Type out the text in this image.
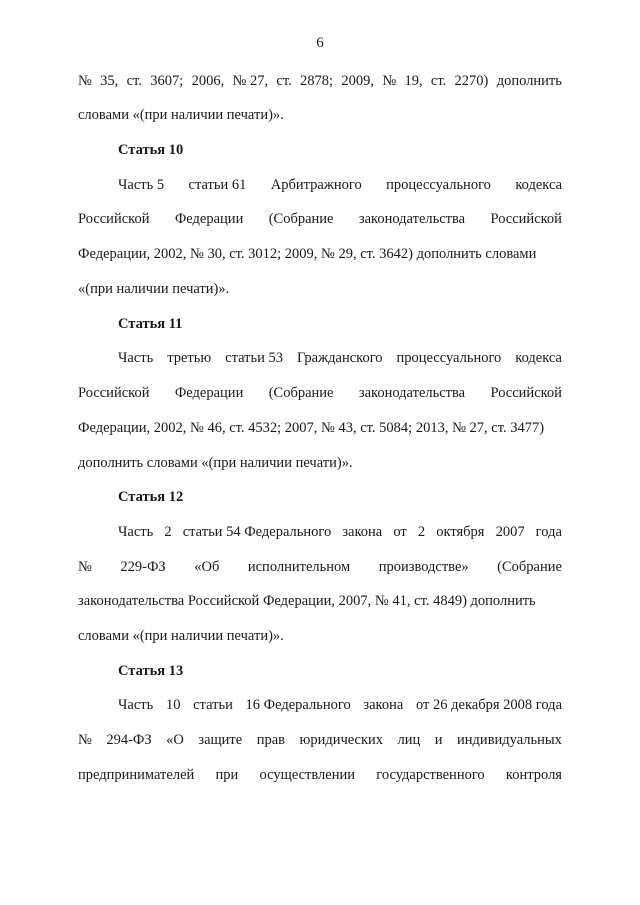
6
№ 35, ст. 3607; 2006, № 27, ст. 2878; 2009, № 19, ст. 2270) дополнить
словами «(при наличии печати)».
Статья 10
Часть 5 статьи 61 Арбитражного процессуального кодекса
Российской Федерации (Собрание законодательства Российской
Федерации, 2002, № 30, ст. 3012; 2009, № 29, ст. 3642) дополнить словами
«(при наличии печати)».
Статья 11
Часть третью статьи 53 Гражданского процессуального кодекса
Российской Федерации (Собрание законодательства Российской
Федерации, 2002, № 46, ст. 4532; 2007, № 43, ст. 5084; 2013, № 27, ст. 3477)
дополнить словами «(при наличии печати)».
Статья 12
Часть 2 статьи 54 Федерального закона от 2 октября 2007 года
№ 229-ФЗ «Об исполнительном производстве» (Собрание
законодательства Российской Федерации, 2007, № 41, ст. 4849) дополнить
словами «(при наличии печати)».
Статья 13
Часть 10 статьи 16 Федерального закона от 26 декабря 2008 года
№ 294-ФЗ «О защите прав юридических лиц и индивидуальных
предпринимателей при осуществлении государственного контроля
